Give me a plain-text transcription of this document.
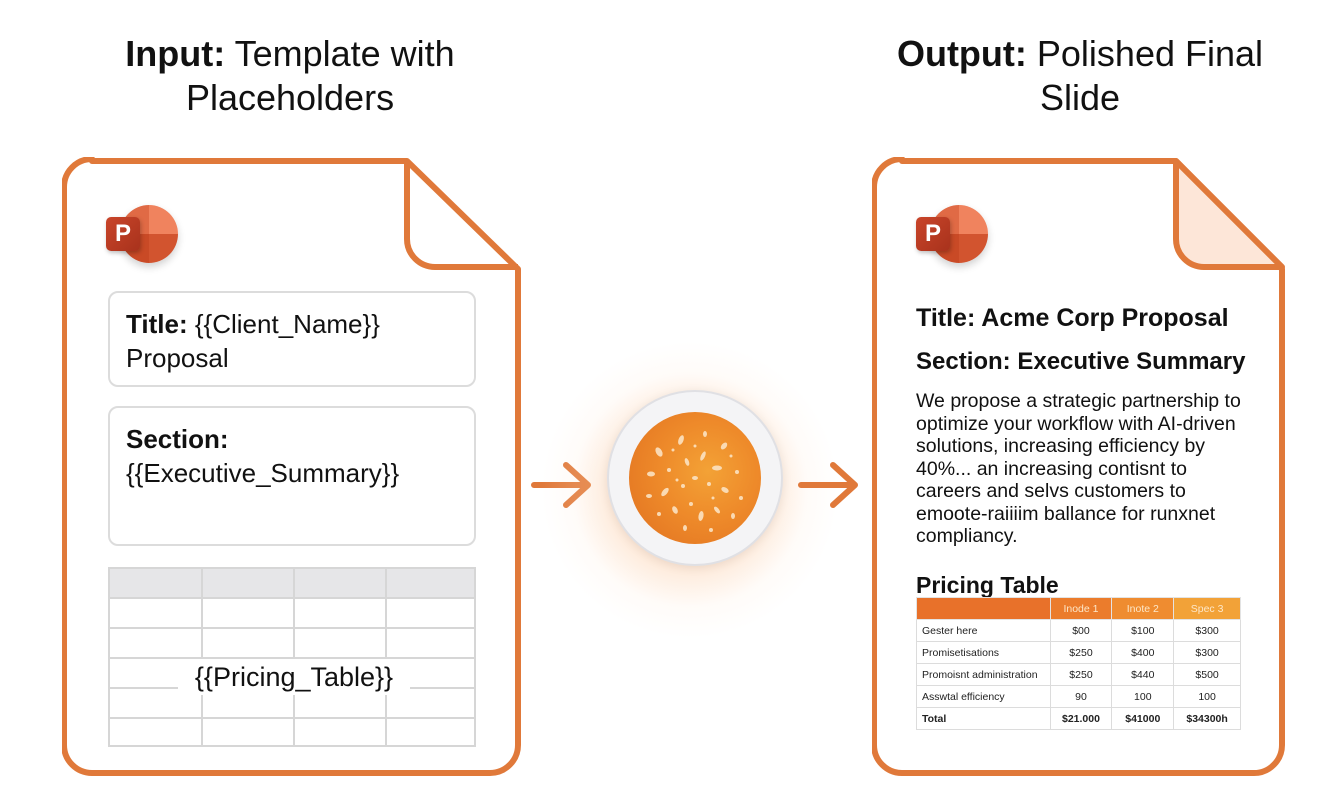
Input: Template with Placeholders
Output: Polished Final Slide
P
Title: {{Client_Name}} Proposal
Section:
{{Executive_Summary}}
{{Pricing_Table}}
P
Title: Acme Corp Proposal
Section: Executive Summary
We propose a strategic partnership to optimize your workflow with AI-driven solutions, increasing efficiency by 40%... an increasing contisnt to careers and selvs customers to emoote-raiiiim ballance for runxnet compliancy.
Pricing Table
	Inode 1	Inote 2	Spec 3
Gester here	$00	$100	$300
Promisetisations	$250	$400	$300
Promoisnt administration	$250	$440	$500
Asswtal efficiency	90	100	100
Total	$21.000	$41000	$34300h
